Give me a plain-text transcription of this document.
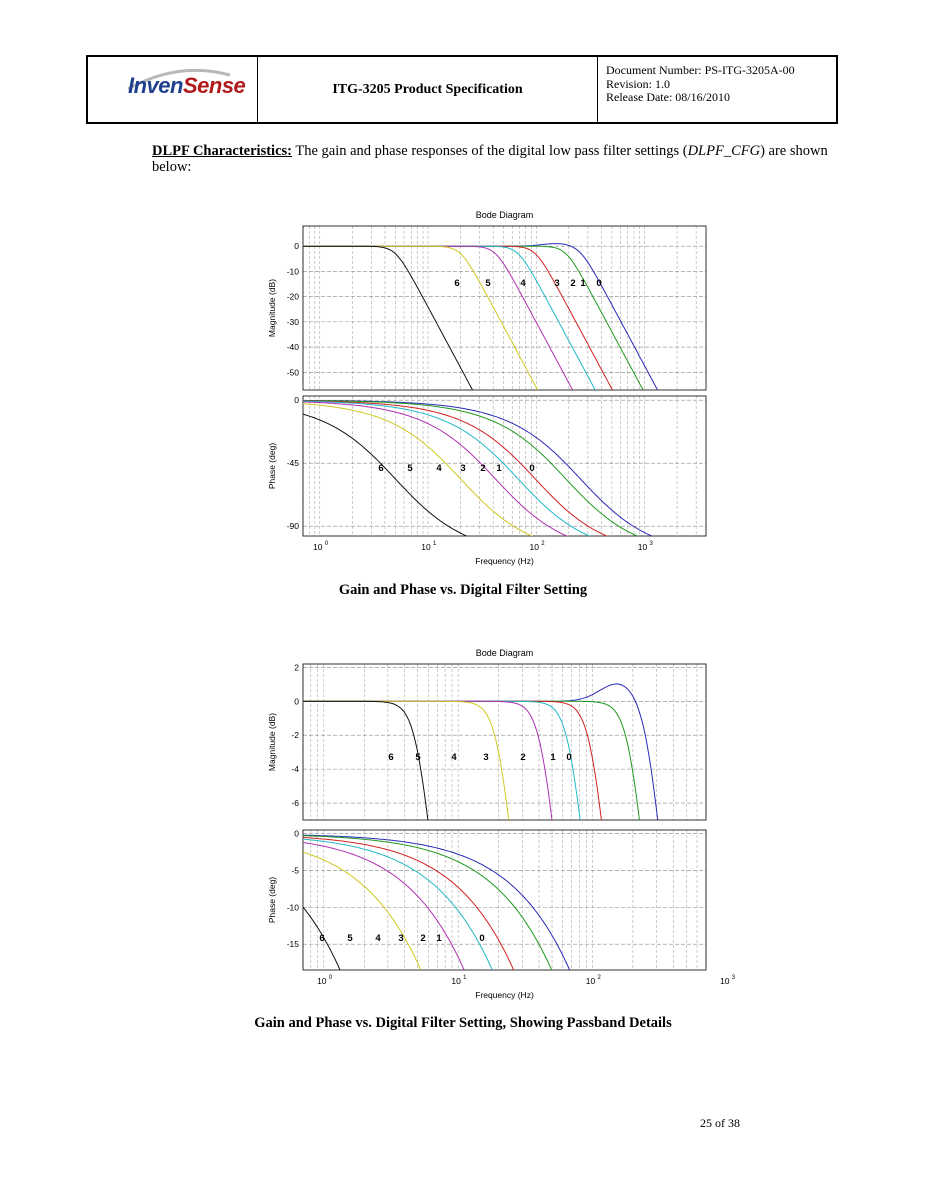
InvenSense	ITG-3205 Product Specification
Document Number: PS-ITG-3205A-00
Revision: 1.0
Release Date: 08/16/2010
DLPF Characteristics: The gain and phase responses of the digital low pass filter settings (DLPF_CFG) are shown below:
Bode Diagram
0
-10
-20
-30
-40
-50
Magnitude (dB)	6	5	4	3 2 1 0
0
-45
-90
Phase (deg)	6 5 4 3 2 1	0
10 0	10 1	10 2	10 3
Frequency (Hz)
Gain and Phase vs. Digital Filter Setting
Bode Diagram
2
0
-2
-4
-6
Magnitude (dB)	6 5	4	3	2	1 0
0
-5
-10
-15
Phase (deg)
6 5 4 3 2 1	0
10 0	10 1	10 2	10 3
Frequency (Hz)
Gain and Phase vs. Digital Filter Setting, Showing Passband Details
25 of 38
